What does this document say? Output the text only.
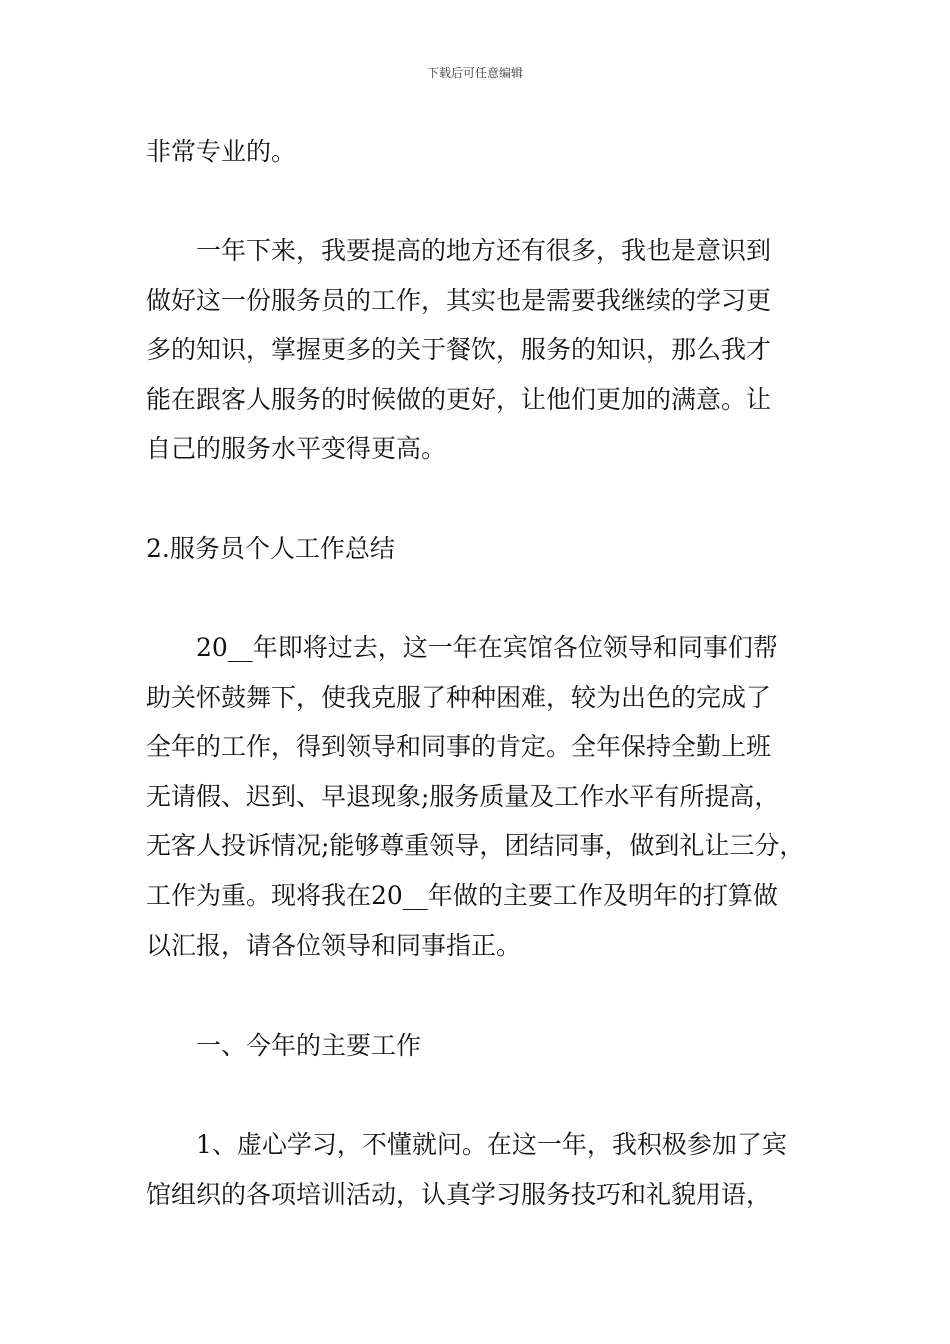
下载后可任意编辑
非常专业的。
一年下来，我要提高的地方还有很多，我也是意识到
做好这一份服务员的工作，其实也是需要我继续的学习更
多的知识，掌握更多的关于餐饮，服务的知识，那么我才
能在跟客人服务的时候做的更好，让他们更加的满意。让
自己的服务水平变得更高。
2.服务员个人工作总结
20__年即将过去，这一年在宾馆各位领导和同事们帮
助关怀鼓舞下，使我克服了种种困难，较为出色的完成了
全年的工作，得到领导和同事的肯定。全年保持全勤上班
无请假、迟到、早退现象;服务质量及工作水平有所提高，
无客人投诉情况;能够尊重领导，团结同事，做到礼让三分，
工作为重。现将我在20__年做的主要工作及明年的打算做
以汇报，请各位领导和同事指正。
一、今年的主要工作
1、虚心学习，不懂就问。在这一年，我积极参加了宾
馆组织的各项培训活动，认真学习服务技巧和礼貌用语，
